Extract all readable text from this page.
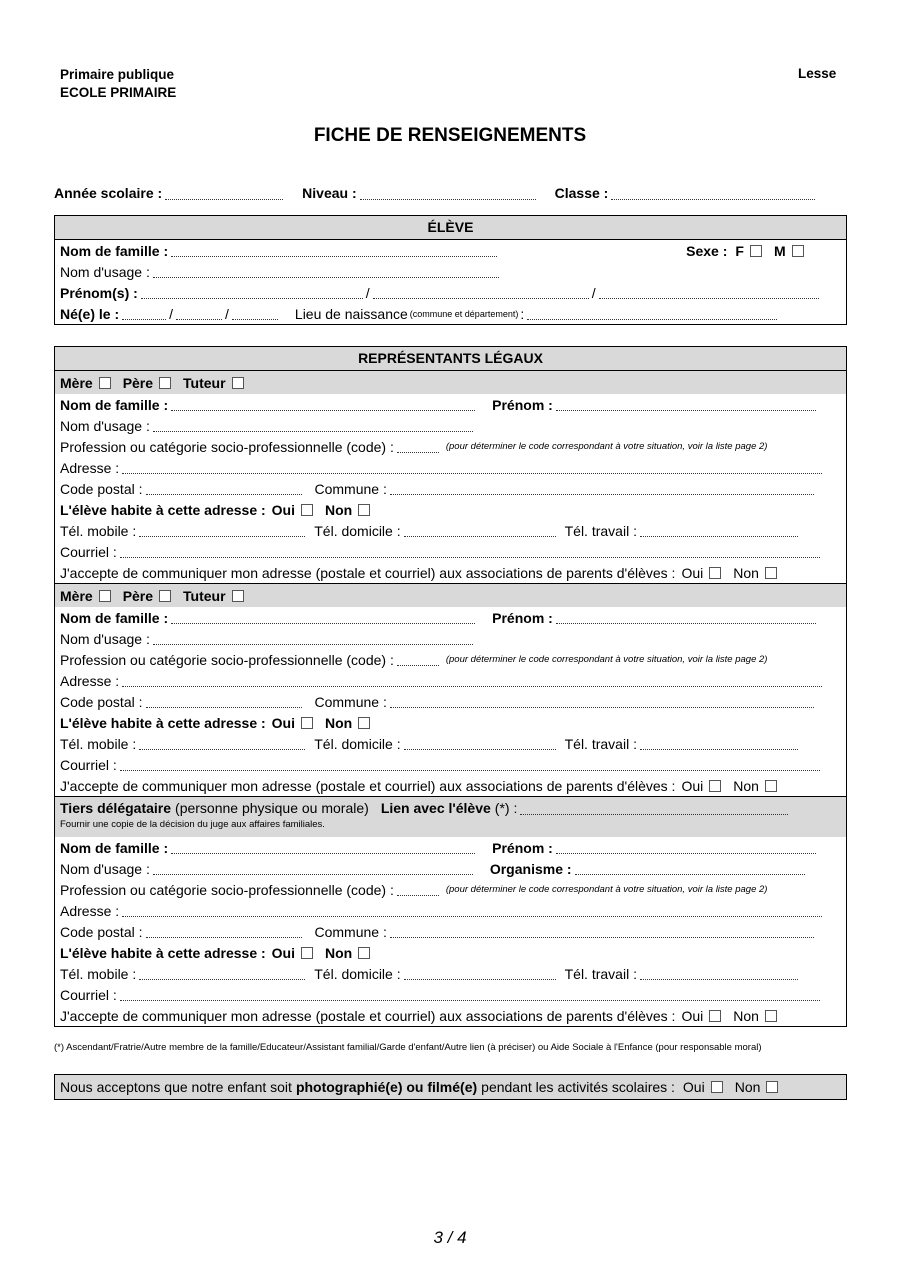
Primaire publique
ECOLE PRIMAIRE
Lesse
FICHE DE RENSEIGNEMENTS
Année scolaire :	Niveau :	Classe :
ÉLÈVE
Nom de famille :	Sexe : F M
Nom d'usage :
Prénom(s) :	/	/
Né(e) le :	/	/	Lieu de naissance (commune et département) :
REPRÉSENTANTS LÉGAUX
Mère Père Tuteur
Nom de famille :	Prénom :
Nom d'usage :
Profession ou catégorie socio-professionnelle (code) :	(pour déterminer le code correspondant à votre situation, voir la liste page 2)
Adresse :
Code postal :	Commune :
L'élève habite à cette adresse : Oui Non
Tél. mobile :	Tél. domicile :	Tél. travail :
Courriel :
J'accepte de communiquer mon adresse (postale et courriel) aux associations de parents d'élèves : Oui Non
Mère Père Tuteur
Nom de famille :	Prénom :
Nom d'usage :
Profession ou catégorie socio-professionnelle (code) :	(pour déterminer le code correspondant à votre situation, voir la liste page 2)
Adresse :
Code postal :	Commune :
L'élève habite à cette adresse : Oui Non
Tél. mobile :	Tél. domicile :	Tél. travail :
Courriel :
J'accepte de communiquer mon adresse (postale et courriel) aux associations de parents d'élèves : Oui Non
Tiers délégataire (personne physique ou morale) Lien avec l'élève (*) :
Fournir une copie de la décision du juge aux affaires familiales.
Nom de famille :	Prénom :
Nom d'usage :	Organisme :
Profession ou catégorie socio-professionnelle (code) :	(pour déterminer le code correspondant à votre situation, voir la liste page 2)
Adresse :
Code postal :	Commune :
L'élève habite à cette adresse : Oui Non
Tél. mobile :	Tél. domicile :	Tél. travail :
Courriel :
J'accepte de communiquer mon adresse (postale et courriel) aux associations de parents d'élèves : Oui Non
(*) Ascendant/Fratrie/Autre membre de la famille/Educateur/Assistant familial/Garde d'enfant/Autre lien (à préciser) ou Aide Sociale à l'Enfance (pour responsable moral)
Nous acceptons que notre enfant soit photographié(e) ou filmé(e) pendant les activités scolaires : Oui Non
3 / 4
